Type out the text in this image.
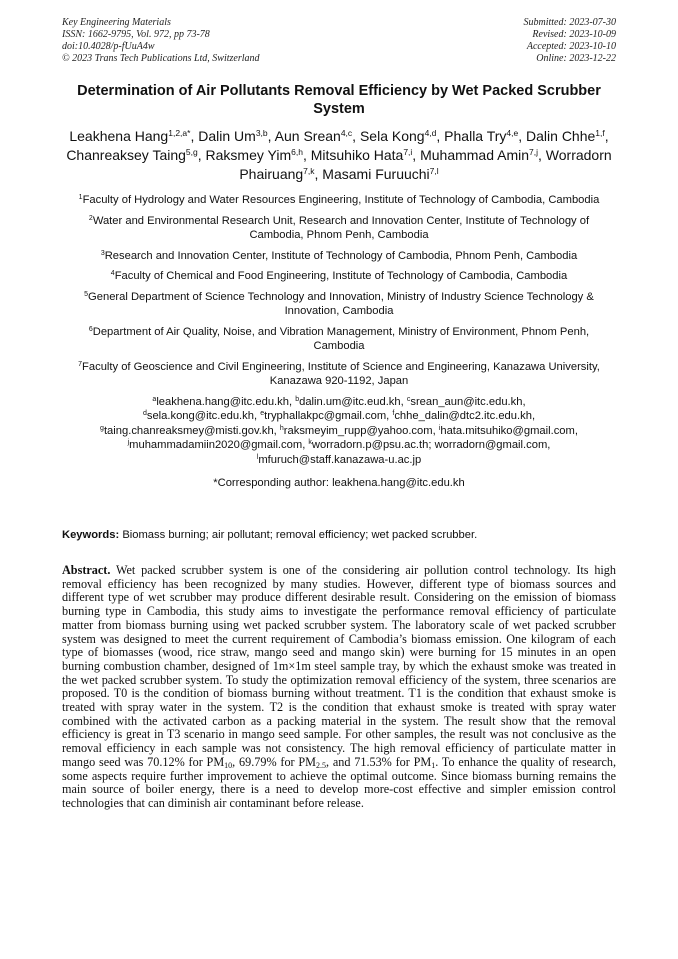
Key Engineering Materials
ISSN: 1662-9795, Vol. 972, pp 73-78
doi:10.4028/p-fUuA4w
© 2023 Trans Tech Publications Ltd, Switzerland
Submitted: 2023-07-30
Revised: 2023-10-09
Accepted: 2023-10-10
Online: 2023-12-22
Determination of Air Pollutants Removal Efficiency by Wet Packed Scrubber System
Leakhena Hang$^{1,2,a*}$, Dalin Um$^{3,b}$, Aun Srean$^{4,c}$, Sela Kong$^{4,d}$, Phalla Try$^{4,e}$, Dalin Chhe$^{1,f}$, Chanreaksey Taing$^{5,g}$, Raksmey Yim$^{6,h}$, Mitsuhiko Hata$^{7,i}$, Muhammad Amin$^{7,j}$, Worradorn Phairuang$^{7,k}$, Masami Furuuchi$^{7,l}$
$^1$Faculty of Hydrology and Water Resources Engineering, Institute of Technology of Cambodia, Cambodia
$^2$Water and Environmental Research Unit, Research and Innovation Center, Institute of Technology of Cambodia, Phnom Penh, Cambodia
$^3$Research and Innovation Center, Institute of Technology of Cambodia, Phnom Penh, Cambodia
$^4$Faculty of Chemical and Food Engineering, Institute of Technology of Cambodia, Cambodia
$^5$General Department of Science Technology and Innovation, Ministry of Industry Science Technology & Innovation, Cambodia
$^6$Department of Air Quality, Noise, and Vibration Management, Ministry of Environment, Phnom Penh, Cambodia
$^7$Faculty of Geoscience and Civil Engineering, Institute of Science and Engineering, Kanazawa University, Kanazawa 920-1192, Japan
$^a$leakhena.hang@itc.edu.kh, $^b$dalin.um@itc.eud.kh, $^c$srean_aun@itc.edu.kh,
$^d$sela.kong@itc.edu.kh, $^e$tryphallakpc@gmail.com, $^f$chhe_dalin@dtc2.itc.edu.kh,
$^g$taing.chanreaksmey@misti.gov.kh, $^h$raksmeyim_rupp@yahoo.com, $^i$hata.mitsuhiko@gmail.com,
$^j$muhammadamiin2020@gmail.com, $^k$worradorn.p@psu.ac.th; worradorn@gmail.com,
$^l$mfuruch@staff.kanazawa-u.ac.jp
*Corresponding author: leakhena.hang@itc.edu.kh
Keywords: Biomass burning; air pollutant; removal efficiency; wet packed scrubber.
Abstract. Wet packed scrubber system is one of the considering air pollution control technology. Its high removal efficiency has been recognized by many studies. However, different type of biomass sources and different type of wet scrubber may produce different desirable result. Considering on the emission of biomass burning type in Cambodia, this study aims to investigate the performance removal efficiency of particulate matter from biomass burning using wet packed scrubber system. The laboratory scale of wet packed scrubber system was designed to meet the current requirement of Cambodia’s biomass emission. One kilogram of each type of biomasses (wood, rice straw, mango seed and mango skin) were burning for 15 minutes in an open burning combustion chamber, designed of 1m×1m steel sample tray, by which the exhaust smoke was treated in the wet packed scrubber system. To study the optimization removal efficiency of the system, three scenarios are proposed. T0 is the condition of biomass burning without treatment. T1 is the condition that exhaust smoke is treated with spray water in the system. T2 is the condition that exhaust smoke is treated with spray water combined with the activated carbon as a packing material in the system. The result show that the removal efficiency is great in T3 scenario in mango seed sample. For other samples, the result was not conclusive as the removal efficiency in each sample was not consistency. The high removal efficiency of particulate matter in mango seed was 70.12% for $PM_{10}$, 69.79% for $PM_{2.5}$, and 71.53% for $PM_1$. To enhance the quality of research, some aspects require further improvement to achieve the optimal outcome. Since biomass burning remains the main source of boiler energy, there is a need to develop more-cost effective and simpler emission control technologies that can diminish air contaminant before release.
